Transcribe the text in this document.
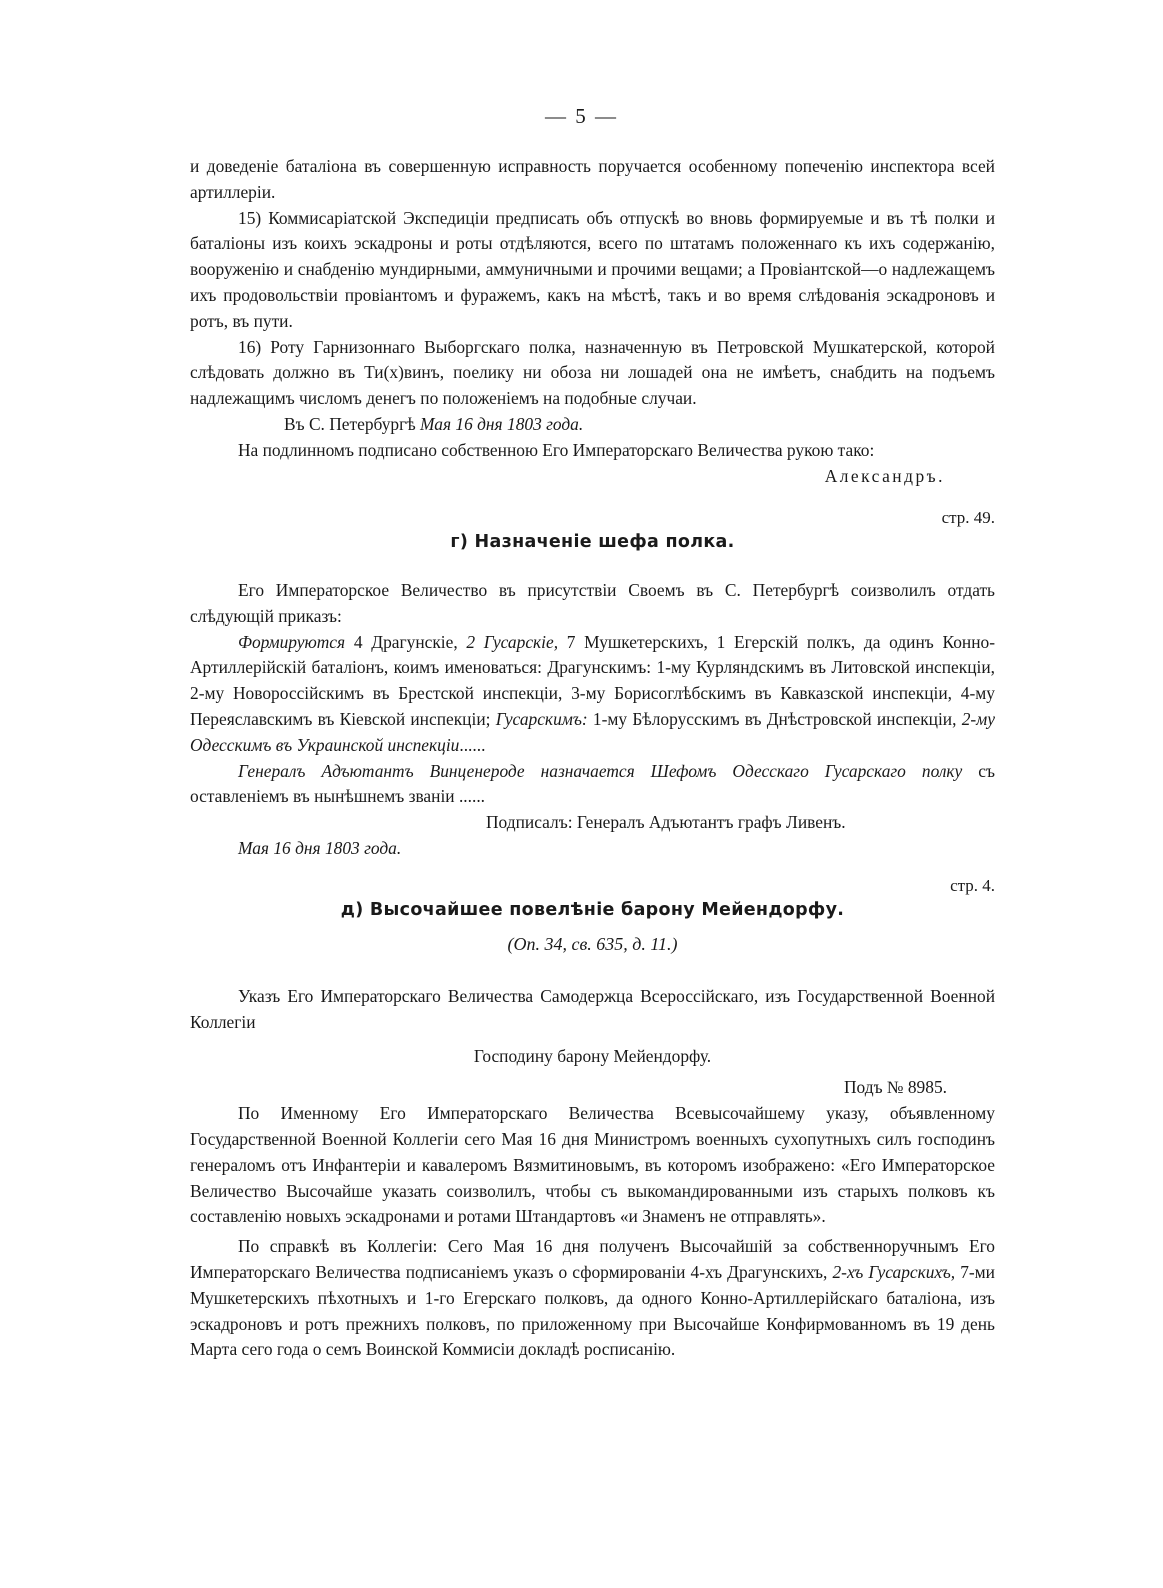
— 5 —

и доведеніе баталіона въ совершенную исправность поручается особенному попеченію инспектора всей артиллеріи.

15) Коммисаріатской Экспедиціи предписать объ отпускѣ во вновь формируемые и въ тѣ полки и баталіоны изъ коихъ эскадроны и роты отдѣляются, всего по штатамъ положеннаго къ ихъ содержанію, вооруженію и снабденію мундирными, аммуничными и прочими вещами; а Провіантской—о надлежащемъ ихъ продовольствіи провіантомъ и фуражемъ, какъ на мѣстѣ, такъ и во время слѣдованія эскадроновъ и ротъ, въ пути.

16) Роту Гарнизоннаго Выборгскаго полка, назначенную въ Петровской Мушкатерской, которой слѣдовать должно въ Ти(х)винъ, поелику ни обоза ни лошадей она не имѣетъ, снабдить на подъемъ надлежащимъ числомъ денегъ по положеніемъ на подобные случаи.

Въ С. Петербургѣ Мая 16 дня 1803 года.

На подлинномъ подписано собственною Его Императорскаго Величества рукою тако:

Александръ.

стр. 49.

г) Назначеніе шефа полка.

Его Императорское Величество въ присутствіи Своемъ въ С. Петербургѣ соизволилъ отдать слѣдующій приказъ:

Формируются 4 Драгунскіе, 2 Гусарскіе, 7 Мушкетерскихъ, 1 Егерскій полкъ, да одинъ Конно-Артиллерійскій баталіонъ, коимъ именоваться: Драгунскимъ: 1-му Курляндскимъ въ Литовской инспекціи, 2-му Новороссійскимъ въ Брестской инспекціи, 3-му Борисоглѣбскимъ въ Кавказской инспекціи, 4-му Переяславскимъ въ Кіевской инспекціи; Гусарскимъ: 1-му Бѣлорусскимъ въ Днѣстровской инспекціи, 2-му Одесскимъ въ Украинской инспекціи......

Генералъ Адъютантъ Винценероде назначается Шефомъ Одесскаго Гусарскаго полку съ оставленіемъ въ нынѣшнемъ званіи ......

Подписалъ: Генералъ Адъютантъ графъ Ливенъ.

Мая 16 дня 1803 года.

стр. 4.

д) Высочайшее повелѣніе барону Мейендорфу.

(Оп. 34, св. 635, д. 11.)

Указъ Его Императорскаго Величества Самодержца Всероссійскаго, изъ Государственной Военной Коллегіи

Господину барону Мейендорфу.

Подъ № 8985.

По Именному Его Императорскаго Величества Всевысочайшему указу, объявленному Государственной Военной Коллегіи сего Мая 16 дня Министромъ военныхъ сухопутныхъ силъ господинъ генераломъ отъ Инфантеріи и кавалеромъ Вязмитиновымъ, въ которомъ изображено: «Его Императорское Величество Высочайше указать соизволилъ, чтобы съ выкомандированными изъ старыхъ полковъ къ составленію новыхъ эскадронами и ротами Штандартовъ «и Знаменъ не отправлять».

По справкѣ въ Коллегіи: Сего Мая 16 дня полученъ Высочайшій за собственноручнымъ Его Императорскаго Величества подписаніемъ указъ о сформированіи 4-хъ Драгунскихъ, 2-хъ Гусарскихъ, 7-ми Мушкетерскихъ пѣхотныхъ и 1-го Егерскаго полковъ, да одного Конно-Артиллерійскаго баталіона, изъ эскадроновъ и ротъ прежнихъ полковъ, по приложенному при Высочайше Конфирмованномъ въ 19 день Марта сего года о семъ Воинской Коммисіи докладѣ росписанію.
